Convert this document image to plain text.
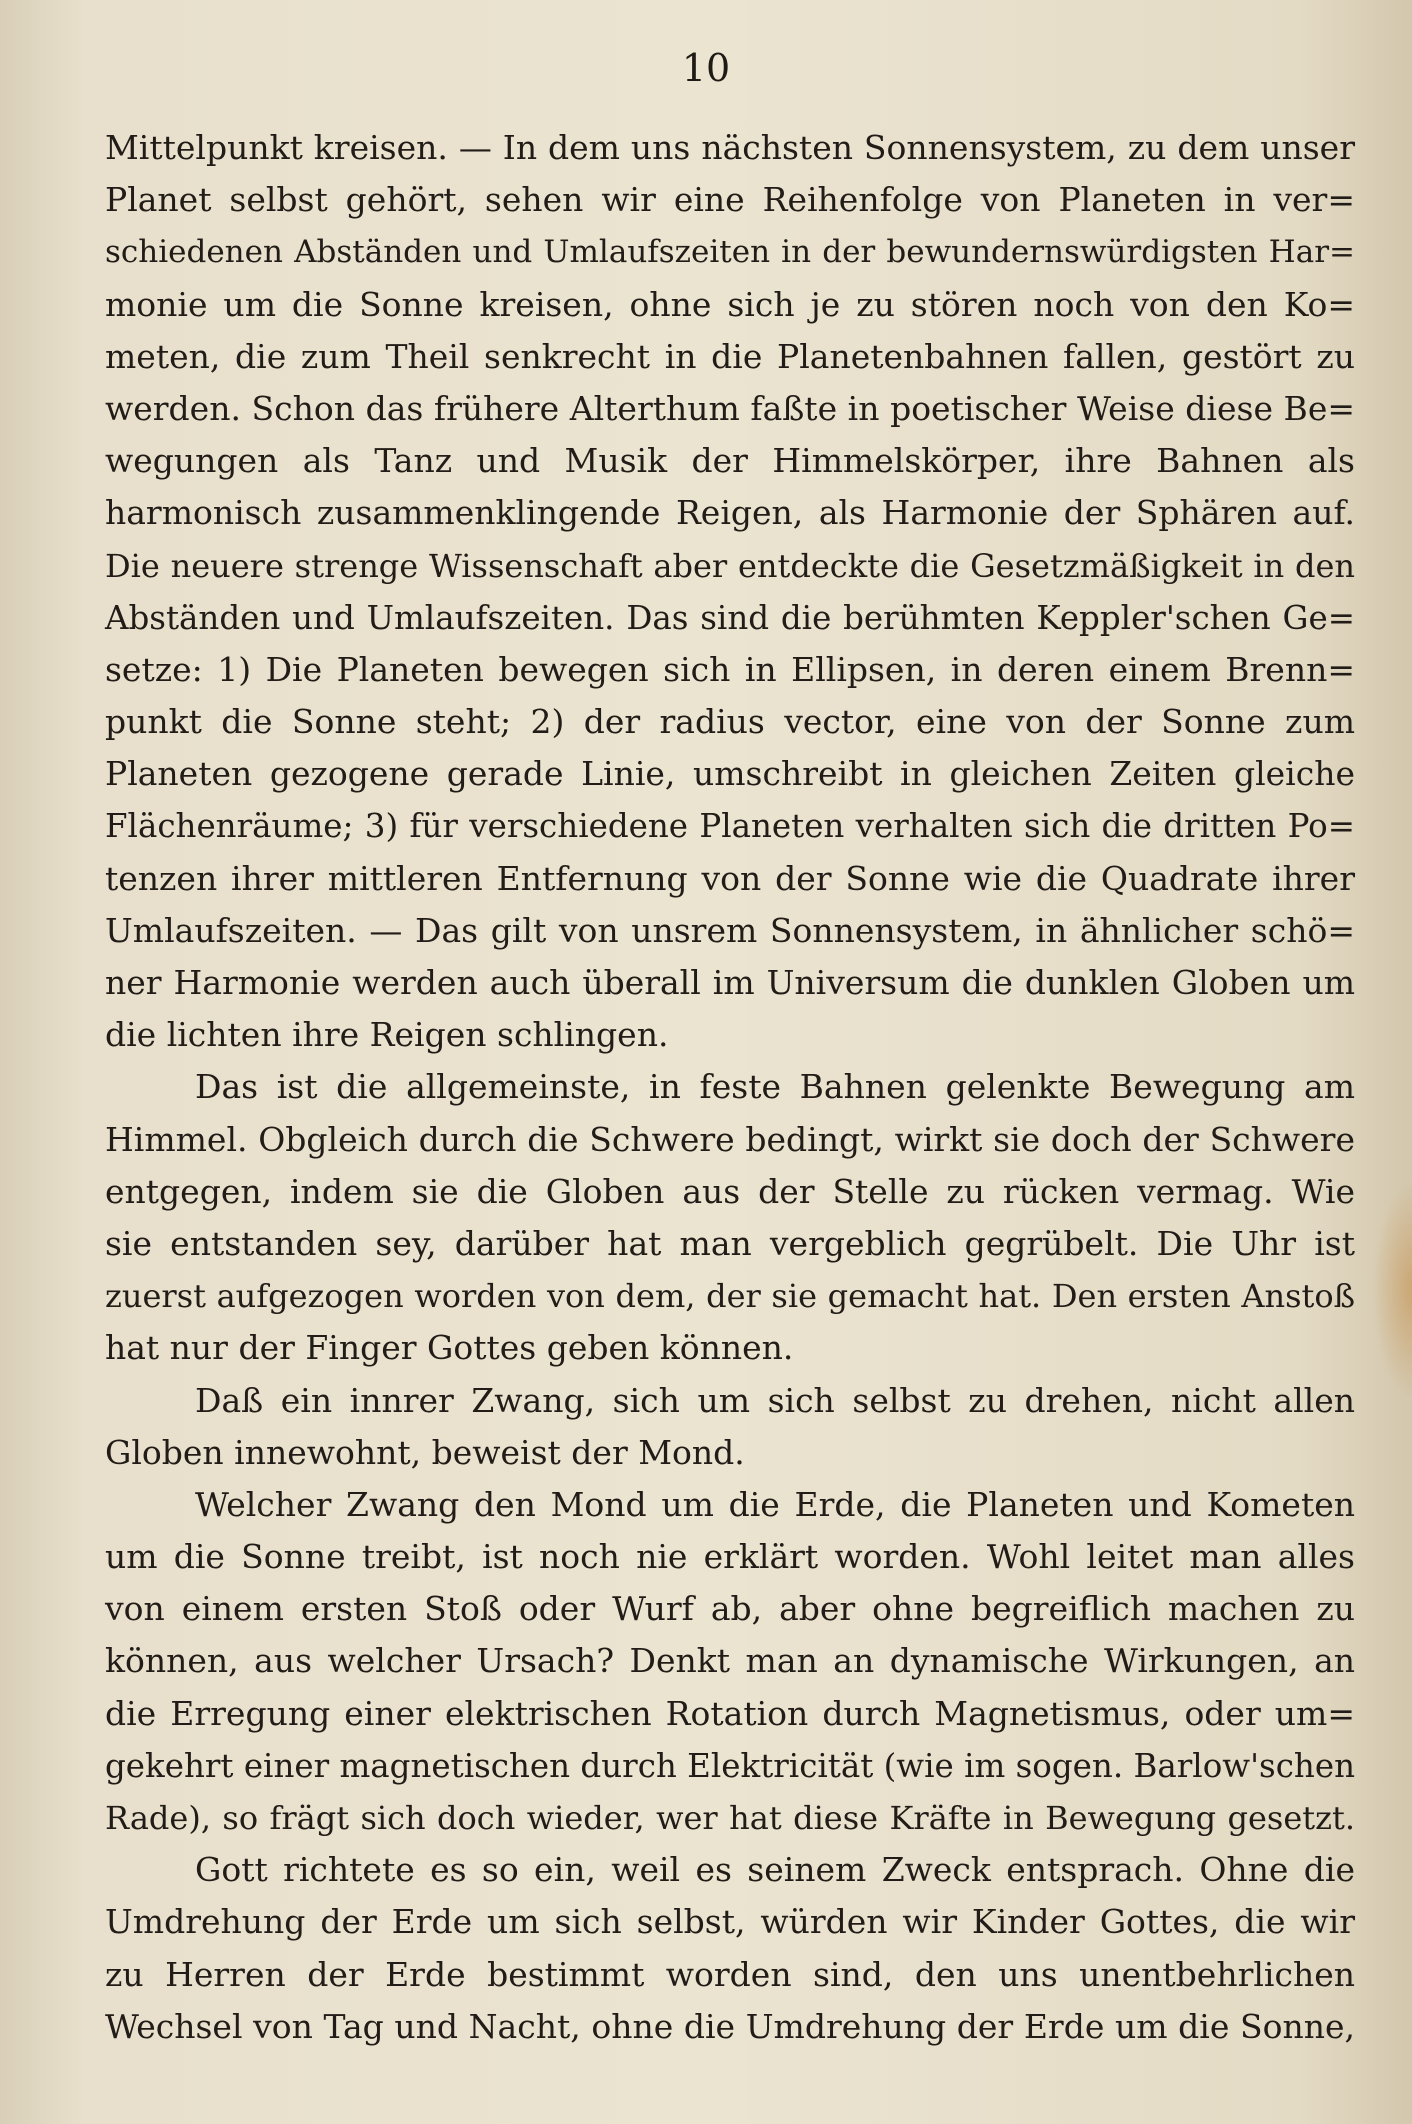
10
Mittelpunkt kreisen. — In dem uns nächsten Sonnensystem, zu dem unser
Planet selbst gehört, sehen wir eine Reihenfolge von Planeten in ver=
schiedenen Abständen und Umlaufszeiten in der bewundernswürdigsten Har=
monie um die Sonne kreisen, ohne sich je zu stören noch von den Ko=
meten, die zum Theil senkrecht in die Planetenbahnen fallen, gestört zu
werden. Schon das frühere Alterthum faßte in poetischer Weise diese Be=
wegungen als Tanz und Musik der Himmelskörper, ihre Bahnen als
harmonisch zusammenklingende Reigen, als Harmonie der Sphären auf.
Die neuere strenge Wissenschaft aber entdeckte die Gesetzmäßigkeit in den
Abständen und Umlaufszeiten. Das sind die berühmten Keppler'schen Ge=
setze: 1) Die Planeten bewegen sich in Ellipsen, in deren einem Brenn=
punkt die Sonne steht; 2) der radius vector, eine von der Sonne zum
Planeten gezogene gerade Linie, umschreibt in gleichen Zeiten gleiche
Flächenräume; 3) für verschiedene Planeten verhalten sich die dritten Po=
tenzen ihrer mittleren Entfernung von der Sonne wie die Quadrate ihrer
Umlaufszeiten. — Das gilt von unsrem Sonnensystem, in ähnlicher schö=
ner Harmonie werden auch überall im Universum die dunklen Globen um
die lichten ihre Reigen schlingen.
Das ist die allgemeinste, in feste Bahnen gelenkte Bewegung am
Himmel. Obgleich durch die Schwere bedingt, wirkt sie doch der Schwere
entgegen, indem sie die Globen aus der Stelle zu rücken vermag. Wie
sie entstanden sey, darüber hat man vergeblich gegrübelt. Die Uhr ist
zuerst aufgezogen worden von dem, der sie gemacht hat. Den ersten Anstoß
hat nur der Finger Gottes geben können.
Daß ein innrer Zwang, sich um sich selbst zu drehen, nicht allen
Globen innewohnt, beweist der Mond.
Welcher Zwang den Mond um die Erde, die Planeten und Kometen
um die Sonne treibt, ist noch nie erklärt worden. Wohl leitet man alles
von einem ersten Stoß oder Wurf ab, aber ohne begreiflich machen zu
können, aus welcher Ursach? Denkt man an dynamische Wirkungen, an
die Erregung einer elektrischen Rotation durch Magnetismus, oder um=
gekehrt einer magnetischen durch Elektricität (wie im sogen. Barlow'schen
Rade), so frägt sich doch wieder, wer hat diese Kräfte in Bewegung gesetzt.
Gott richtete es so ein, weil es seinem Zweck entsprach. Ohne die
Umdrehung der Erde um sich selbst, würden wir Kinder Gottes, die wir
zu Herren der Erde bestimmt worden sind, den uns unentbehrlichen
Wechsel von Tag und Nacht, ohne die Umdrehung der Erde um die Sonne,
